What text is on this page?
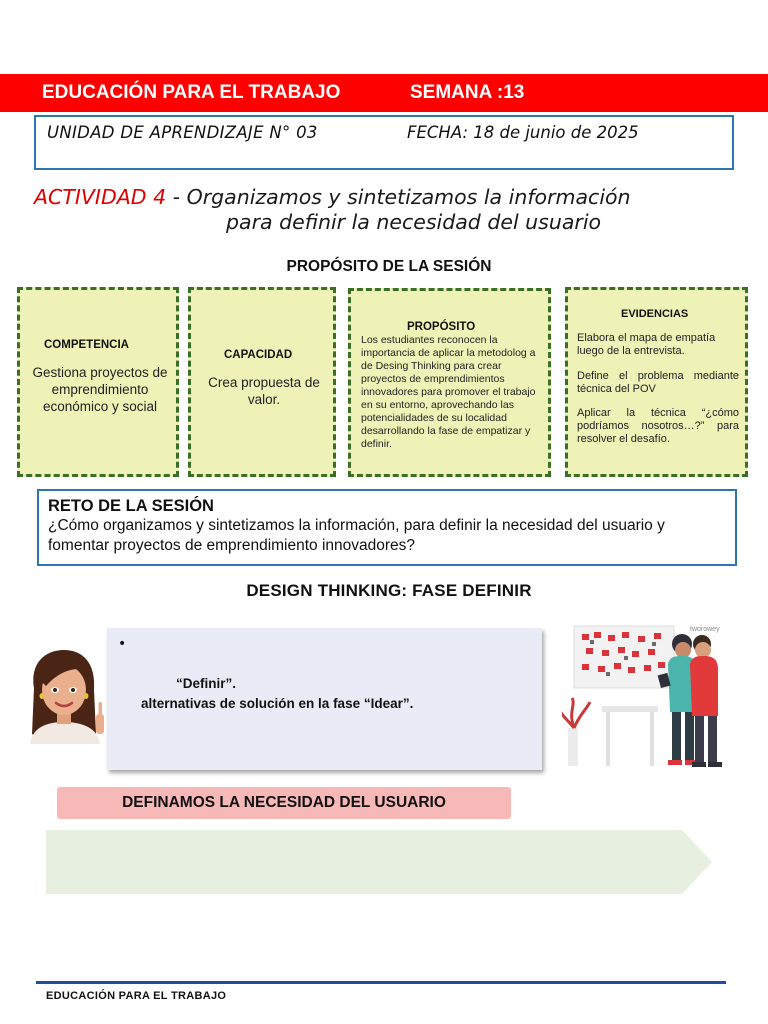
EDUCACIÓN PARA EL TRABAJO	SEMANA :13
UNIDAD DE APRENDIZAJE N° 03	FECHA: 18 de junio de 2025
ACTIVIDAD 4 - Organizamos y sintetizamos la información
para definir la necesidad del usuario
PROPÓSITO DE LA SESIÓN
COMPETENCIA
Gestiona proyectos de emprendimiento económico y social
CAPACIDAD
Crea propuesta de valor.
PROPÓSITO
Los estudiantes reconocen la importancia de aplicar la metodolog a de Desing Thinking para crear proyectos de emprendimientos innovadores para promover el trabajo en su entorno, aprovechando las potencialidades de su localidad desarrollando la fase de empatizar y definir.
EVIDENCIAS
Elabora el mapa de empatía luego de la entrevista.
Define el problema mediante técnica del POV
Aplicar la técnica “¿cómo podríamos nosotros…?” para resolver el desafío.
RETO DE LA SESIÓN
¿Cómo organizamos y sintetizamos la información, para definir la necesidad del usuario y fomentar proyectos de emprendimiento innovadores?
DESIGN THINKING: FASE DEFINIR
•
“Definir”.
alternativas de solución en la fase “Idear”.
tworowey
DEFINAMOS LA NECESIDAD DEL USUARIO
EDUCACIÓN PARA EL TRABAJO
